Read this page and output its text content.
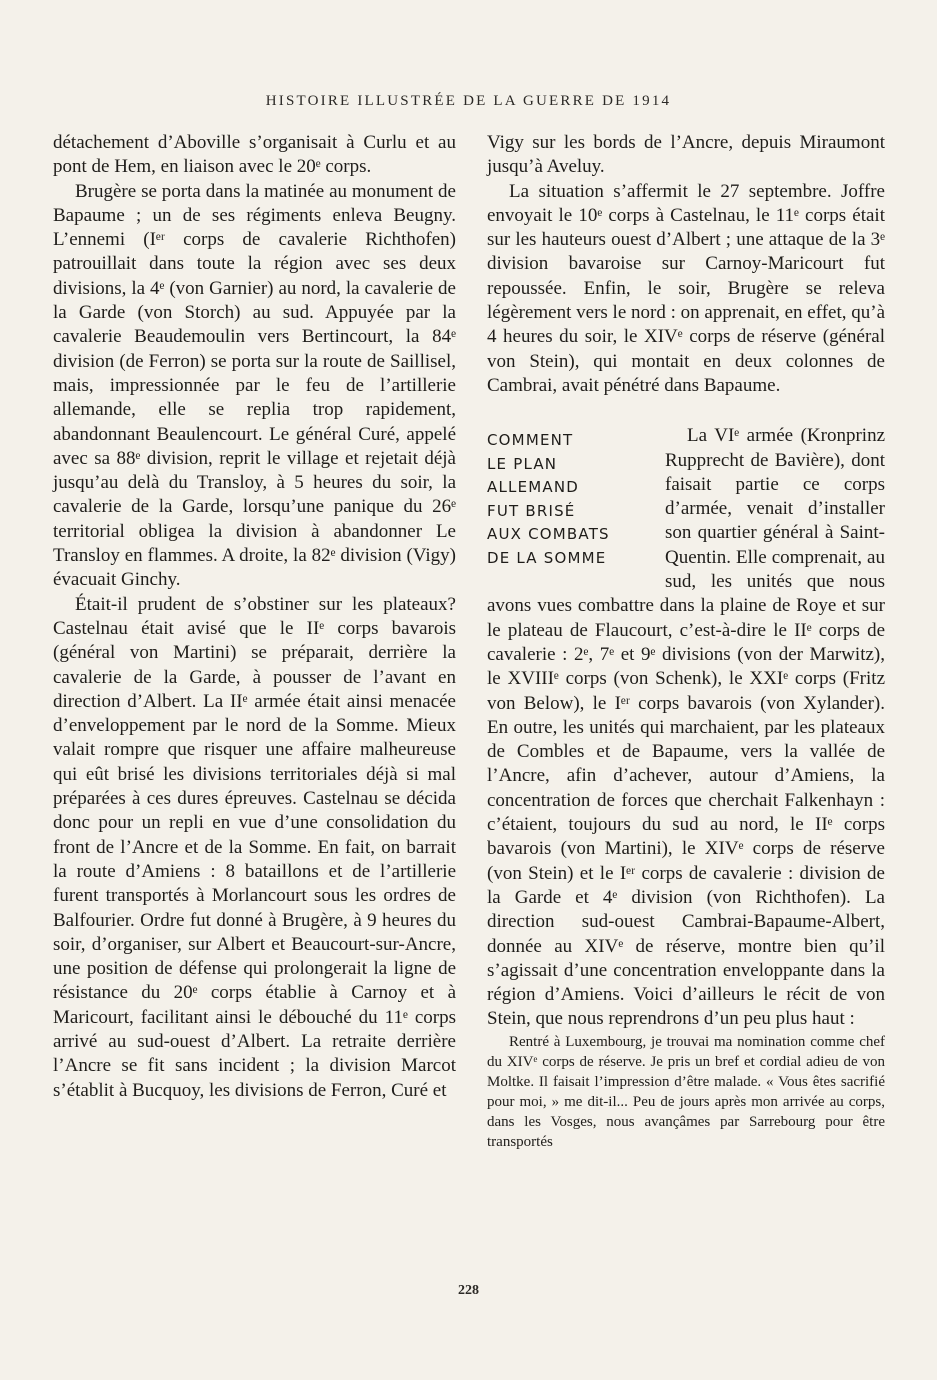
HISTOIRE ILLUSTRÉE DE LA GUERRE DE 1914

détachement d’Aboville s’organisait à Curlu et au pont de Hem, en liaison avec le 20ᵉ corps.

Brugère se porta dans la matinée au monument de Bapaume ; un de ses régiments enleva Beugny. L’ennemi (Iᵉʳ corps de cavalerie Richthofen) patrouillait dans toute la région avec ses deux divisions, la 4ᵉ (von Garnier) au nord, la cavalerie de la Garde (von Storch) au sud. Appuyée par la cavalerie Beaudemoulin vers Bertincourt, la 84ᵉ division (de Ferron) se porta sur la route de Saillisel, mais, impressionnée par le feu de l’artillerie allemande, elle se replia trop rapidement, abandonnant Beaulencourt. Le général Curé, appelé avec sa 88ᵉ division, reprit le village et rejetait déjà jusqu’au delà du Transloy, à 5 heures du soir, la cavalerie de la Garde, lorsqu’une panique du 26ᵉ territorial obligea la division à abandonner Le Transloy en flammes. A droite, la 82ᵉ division (Vigy) évacuait Ginchy.

Était-il prudent de s’obstiner sur les plateaux? Castelnau était avisé que le IIᵉ corps bavarois (général von Martini) se préparait, derrière la cavalerie de la Garde, à pousser de l’avant en direction d’Albert. La IIᵉ armée était ainsi menacée d’enveloppement par le nord de la Somme. Mieux valait rompre que risquer une affaire malheureuse qui eût brisé les divisions territoriales déjà si mal préparées à ces dures épreuves. Castelnau se décida donc pour un repli en vue d’une consolidation du front de l’Ancre et de la Somme. En fait, on barrait la route d’Amiens : 8 bataillons et de l’artillerie furent transportés à Morlancourt sous les ordres de Balfourier. Ordre fut donné à Brugère, à 9 heures du soir, d’organiser, sur Albert et Beaucourt-sur-Ancre, une position de défense qui prolongerait la ligne de résistance du 20ᵉ corps établie à Carnoy et à Maricourt, facilitant ainsi le débouché du 11ᵉ corps arrivé au sud-ouest d’Albert. La retraite derrière l’Ancre se fit sans incident ; la division Marcot s’établit à Bucquoy, les divisions de Ferron, Curé et

Vigy sur les bords de l’Ancre, depuis Miraumont jusqu’à Aveluy.

La situation s’affermit le 27 septembre. Joffre envoyait le 10ᵉ corps à Castelnau, le 11ᵉ corps était sur les hauteurs ouest d’Albert ; une attaque de la 3ᵉ division bavaroise sur Carnoy-Maricourt fut repoussée. Enfin, le soir, Brugère se releva légèrement vers le nord : on apprenait, en effet, qu’à 4 heures du soir, le XIVᵉ corps de réserve (général von Stein), qui montait en deux colonnes de Cambrai, avait pénétré dans Bapaume.

COMMENT
LE PLAN
ALLEMAND
FUT BRISÉ
AUX COMBATS
DE LA SOMME

La VIᵉ armée (Kronprinz Rupprecht de Bavière), dont faisait partie ce corps d’armée, venait d’installer son quartier général à Saint-Quentin. Elle comprenait, au sud, les unités que nous avons vues combattre dans la plaine de Roye et sur le plateau de Flaucourt, c’est-à-dire le IIᵉ corps de cavalerie : 2ᵉ, 7ᵉ et 9ᵉ divisions (von der Marwitz), le XVIIIᵉ corps (von Schenk), le XXIᵉ corps (Fritz von Below), le Iᵉʳ corps bavarois (von Xylander). En outre, les unités qui marchaient, par les plateaux de Combles et de Bapaume, vers la vallée de l’Ancre, afin d’achever, autour d’Amiens, la concentration de forces que cherchait Falkenhayn : c’étaient, toujours du sud au nord, le IIᵉ corps bavarois (von Martini), le XIVᵉ corps de réserve (von Stein) et le Iᵉʳ corps de cavalerie : division de la Garde et 4ᵉ division (von Richthofen). La direction sud-ouest Cambrai-Bapaume-Albert, donnée au XIVᵉ de réserve, montre bien qu’il s’agissait d’une concentration enveloppante dans la région d’Amiens. Voici d’ailleurs le récit de von Stein, que nous reprendrons d’un peu plus haut :

Rentré à Luxembourg, je trouvai ma nomination comme chef du XIVᵉ corps de réserve. Je pris un bref et cordial adieu de von Moltke. Il faisait l’impression d’être malade. « Vous êtes sacrifié pour moi, » me dit-il... Peu de jours après mon arrivée au corps, dans les Vosges, nous avançâmes par Sarrebourg pour être transportés

228
